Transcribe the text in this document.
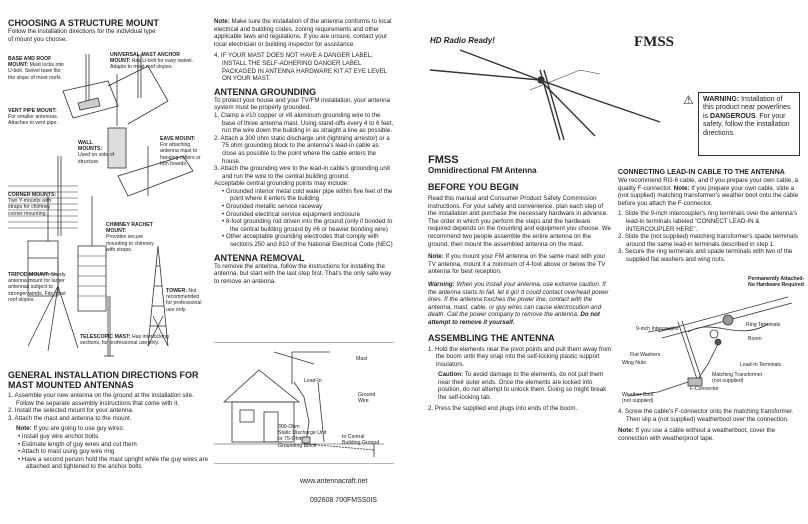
CHOOSING A STRUCTURE MOUNT
Follow the installation directions for the individual type of mount you choose.
BASE AND ROOF
MOUNT: Mast locks into U-bolt. Swivel base fits the slope of most roofs.
UNIVERSAL MAST ANCHOR
MOUNT: Has U-bolt for easy swivel. Adapts to most roof slopes.
VENT PIPE MOUNT:
For smaller antennas. Attaches to vent pipe.
EAVE MOUNT: For attaching antenna mast to hanging rafters or trim boards.
WALL MOUNTS:
Used on side of structure.
CORNER MOUNTS:
Two Y-mounts with straps for chimney corner mounting.
CHIMNEY RACHET MOUNT:
Provides secure mounting to chimney with straps.
TRIPOD MOUNT: Sturdy antenna mount for larger antennas subject to stronger winds. Fits most roof slopes.
TOWER: Not recommended for professional use only.
TELESCOPIC MAST: Has interlocking sections, for professional use only.
GENERAL INSTALLATION DIRECTIONS FOR MAST MOUNTED ANTENNAS
1. Assemble your new antenna on the ground at the installation site. Follow the separate assembly instructions that come with it.
2. Install the selected mount for your antenna.
3. Attach the mast and antenna to the mount.
Note: If you are going to use guy wires:
• Install guy wire anchor bolts
• Estimate length of guy wires and cut them
• Attach to mast using guy wire ring
• Have a second person hold the mast upright while the guy wires are attached and tightened to the anchor bolts
Note: Make sure the installation of the antenna conforms to local electrical and building codes, zoning requirements and other applicable laws and regulations. If you are unsure, contact your local electrician or building inspector for assistance.
4. IF YOUR MAST DOES NOT HAVE A DANGER LABEL, INSTALL THE SELF-ADHERING DANGER LABEL PACKAGED IN ANTENNA HARDWARE KIT AT EYE LEVEL ON YOUR MAST.
ANTENNA GROUNDING
To protect your house and your TV/FM installation, your antenna system must be properly grounded.
1. Clamp a #10 copper or #8 aluminum grounding wire to the base of three antenna mast. Using stand-offs every 4 to 6 feet, run the wire down the building in as straight a line as possible.
2. Attach a 300 ohm static discharge unit (lightning arrestor) or a 75 ohm grounding block to the antenna's lead-in cable as close as possible to the point where the cable enters the house.
3. Attach the grounding wire to the lead-in cable's grounding unit and run the wire to the central building ground.
Acceptable central grounding points may include:
• Grounded interior metal cold water pipe within five feet of the point where it enters the building
• Grounded metallic service raceway
• Grounded electrical service equipment enclosure
• 8-foot grounding rod driven into the ground (only if bonded to the central building ground by #6 or heavier bonding wire)
• Other acceptable grounding electrodes that comply with sections 250 and 810 of the National Electrical Code (NEC)
ANTENNA REMOVAL
To remove the antenna, follow the instructions for installing the antenna, but start with the last step first. That's the only safe way to remove an antenna.
Mast
Lead-In
Ground
Wire
300-Ohm
Static Discharge Unit
or 75-Ohm
Grounding Block
to Central
Building Ground
www.antennacraft.net
092608 700FMSS0IS
HD Radio Ready!	FMSS
FMSS
Omnidirectional FM Antenna
BEFORE YOU BEGIN
Read this manual and Consumer Product Safety Commission instructions. For your safety and convenience, plan each step of the installation and purchase the necessary hardware in advance. The order in which you perform the steps and the hardware required depends on the mounting and equipment you choose. We recommend two people assemble the entire antenna on the ground, then mount the assembled antenna on the mast.
Note: If you mount your FM antenna on the same mast with your TV antenna, mount it a minimum of 4-foot above or below the TV antenna for best reception.
Warning: When you install your antenna, use extreme caution. If the antenna starts to fall, let it go! It could contact overhead power lines. If the antenna touches the power line, contact with the antenna, mast, cable, or guy wires can cause electrocution and death. Call the power company to remove the antenna. Do not attempt to remove it yourself.
ASSEMBLING THE ANTENNA
1. Hold the elements near the pivot points and pull them away from the boom until they snap into the self-locking plastic support insulators.
Caution: To avoid damage to the elements, do not pull them near their outer ends. Once the elements are locked into position, do not attempt to unlock them. Doing so might break the self-locking tab.
2. Press the supplied end plugs into ends of the boom.
⚠	WARNING: Installation of this product near powerlines is DANGEROUS. For your safety, follow the installation directions.
CONNECTING LEAD-IN CABLE TO THE ANTENNA
We recommend RG-6 cable, and if you prepare your own cable, a quality F-connector. Note: If you prepare your own cable, slide a (not supplied) matching transformer's weather boot onto the cable before you attach the F-connector.
1. Slide the 9-inch intercoupler's ring terminals over the antenna's lead-in terminals labeled "CONNECT LEAD-IN & INTERCOUPLER HERE".
2. Slide the (not supplied) matching transformer's spade terminals around the same lead-in terminals described in step 1.
3. Secure the ring terminals and spade terminals with two of the supplied flat washers and wing nuts.
Permanently Attached-
No Hardware Required
Ring Terminals
9-inch Intercoupler
Boom
Flat Washers
Wing Nuts	Lead-In Terminals
Matching Transformer
(not supplied)
F-Connector
Weather Boot
(not supplied)
4. Screw the cable's F-connector onto the matching transformer. Then slip a (not supplied) weatherboot over the connection.
Note: If you use a cable without a weatherboot, cover the connection with weatherproof tape.
